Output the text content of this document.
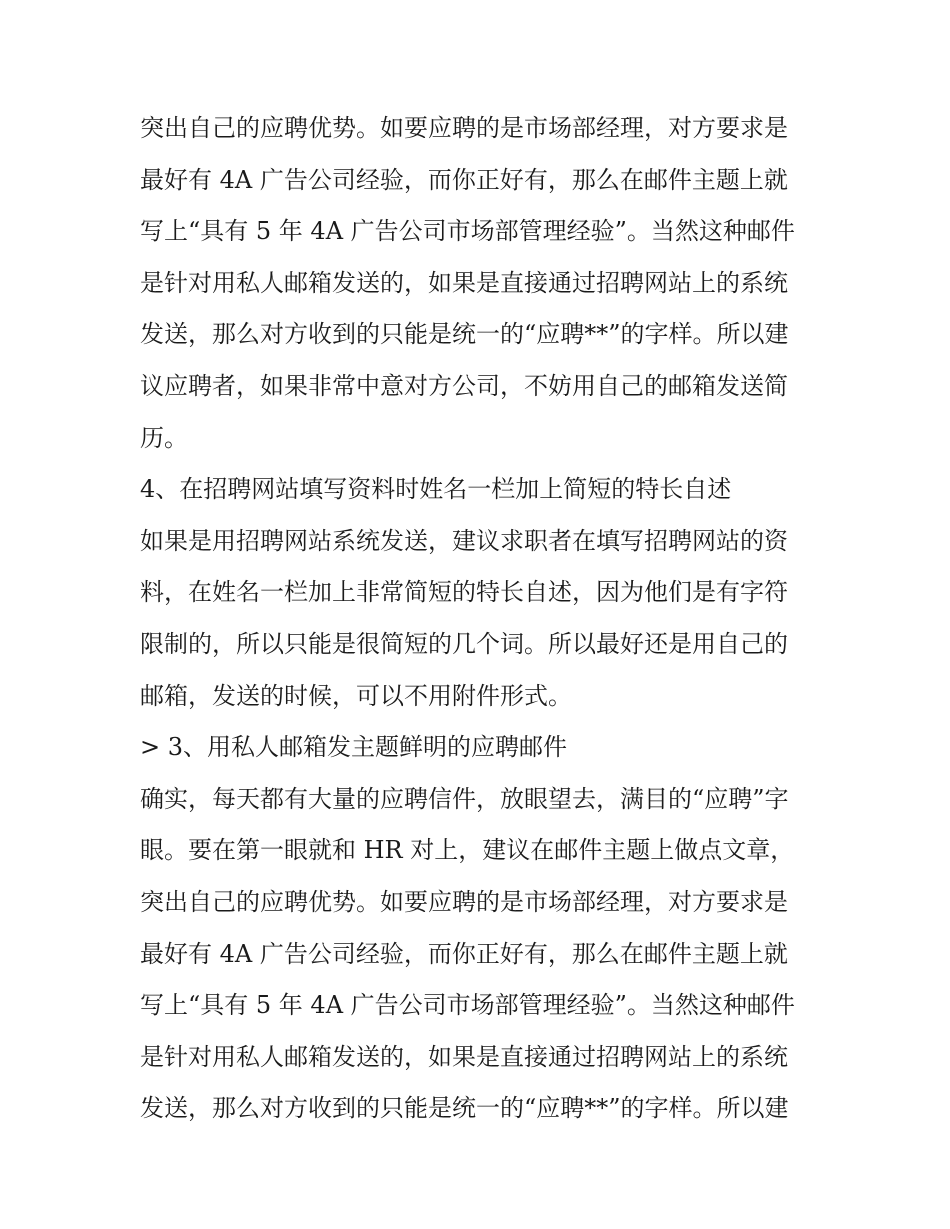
突出自己的应聘优势。如要应聘的是市场部经理，对方要求是
最好有 4A 广告公司经验，而你正好有，那么在邮件主题上就
写上“具有 5 年 4A 广告公司市场部管理经验”。当然这种邮件
是针对用私人邮箱发送的，如果是直接通过招聘网站上的系统
发送，那么对方收到的只能是统一的“应聘**”的字样。所以建
议应聘者，如果非常中意对方公司，不妨用自己的邮箱发送简
历。
4、在招聘网站填写资料时姓名一栏加上简短的特长自述
如果是用招聘网站系统发送，建议求职者在填写招聘网站的资
料，在姓名一栏加上非常简短的特长自述，因为他们是有字符
限制的，所以只能是很简短的几个词。所以最好还是用自己的
邮箱，发送的时候，可以不用附件形式。
> 3、用私人邮箱发主题鲜明的应聘邮件
确实，每天都有大量的应聘信件，放眼望去，满目的“应聘”字
眼。要在第一眼就和 HR 对上，建议在邮件主题上做点文章，
突出自己的应聘优势。如要应聘的是市场部经理，对方要求是
最好有 4A 广告公司经验，而你正好有，那么在邮件主题上就
写上“具有 5 年 4A 广告公司市场部管理经验”。当然这种邮件
是针对用私人邮箱发送的，如果是直接通过招聘网站上的系统
发送，那么对方收到的只能是统一的“应聘**”的字样。所以建
